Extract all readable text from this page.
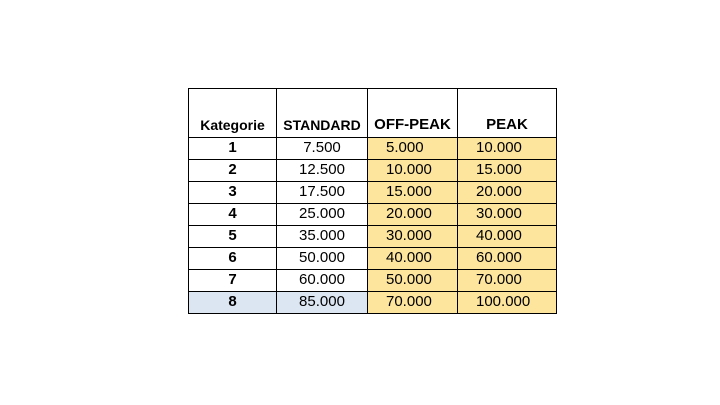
Kategorie	STANDARD	OFF-PEAK	PEAK
1	7.500	5.000	10.000
2	12.500	10.000	15.000
3	17.500	15.000	20.000
4	25.000	20.000	30.000
5	35.000	30.000	40.000
6	50.000	40.000	60.000
7	60.000	50.000	70.000
8	85.000	70.000	100.000
